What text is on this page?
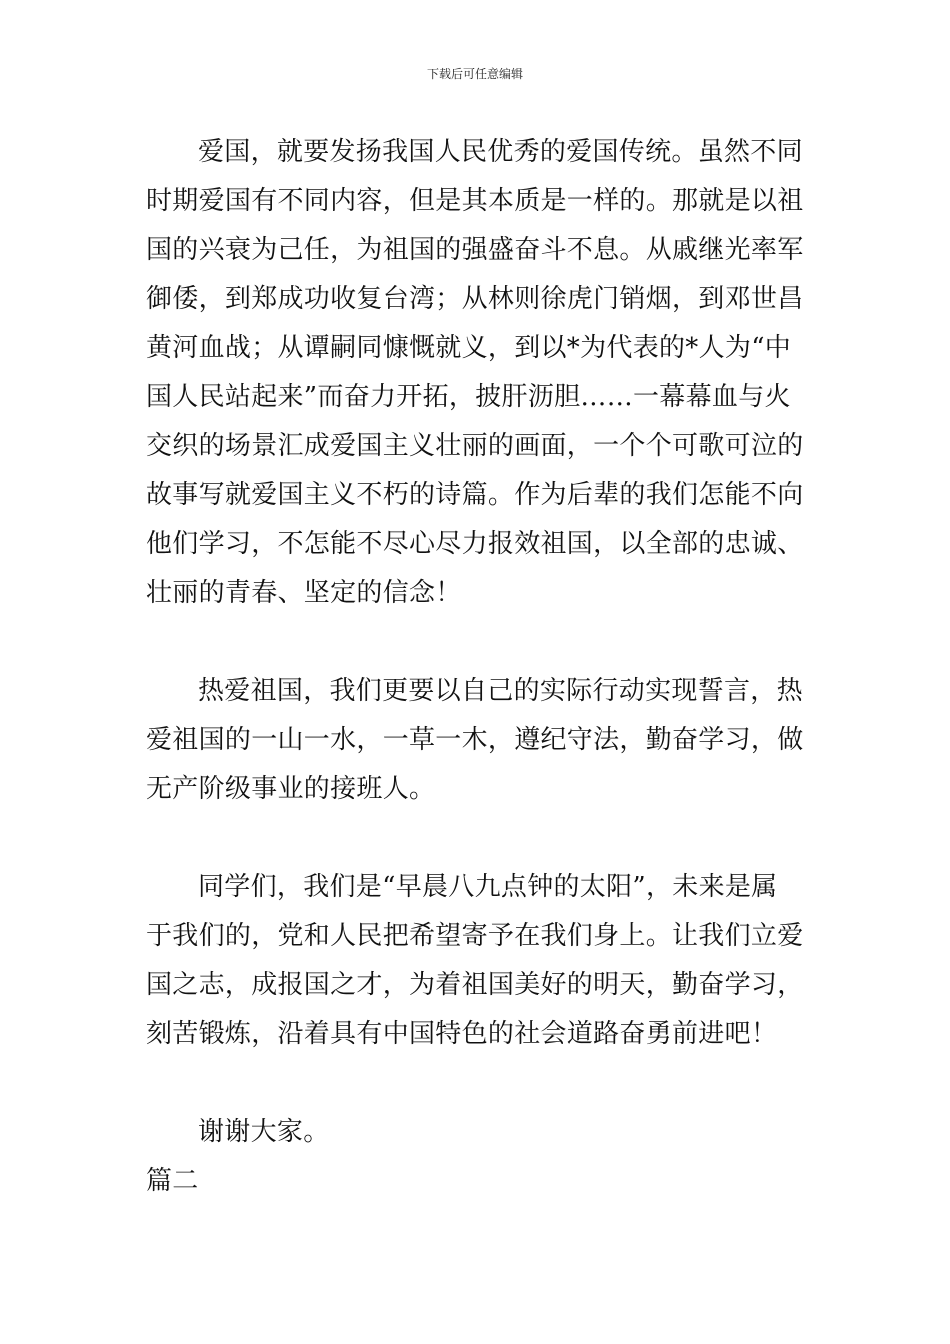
下载后可任意编辑
爱国，就要发扬我国人民优秀的爱国传统。虽然不同
时期爱国有不同内容，但是其本质是一样的。那就是以祖
国的兴衰为己任，为祖国的强盛奋斗不息。从戚继光率军
御倭，到郑成功收复台湾；从林则徐虎门销烟，到邓世昌
黄河血战；从谭嗣同慷慨就义，到以*为代表的*人为“中
国人民站起来”而奋力开拓，披肝沥胆……一幕幕血与火
交织的场景汇成爱国主义壮丽的画面，一个个可歌可泣的
故事写就爱国主义不朽的诗篇。作为后辈的我们怎能不向
他们学习，不怎能不尽心尽力报效祖国，以全部的忠诚、
壮丽的青春、坚定的信念！
热爱祖国，我们更要以自己的实际行动实现誓言，热
爱祖国的一山一水，一草一木，遵纪守法，勤奋学习，做
无产阶级事业的接班人。
同学们，我们是“早晨八九点钟的太阳”，未来是属
于我们的，党和人民把希望寄予在我们身上。让我们立爱
国之志，成报国之才，为着祖国美好的明天，勤奋学习，
刻苦锻炼，沿着具有中国特色的社会道路奋勇前进吧！
谢谢大家。
篇二
